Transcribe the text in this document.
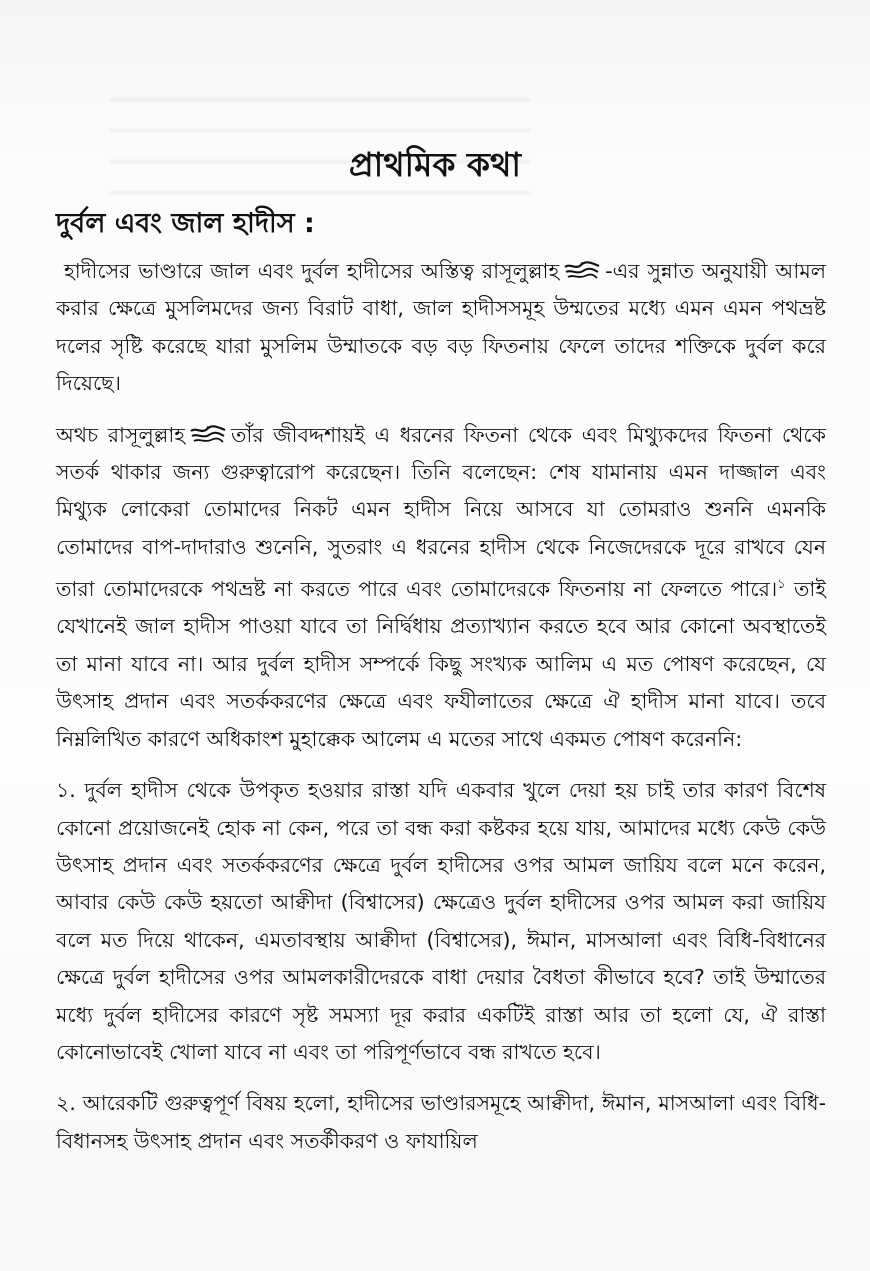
প্রাথমিক কথা
দুর্বল এবং জাল হাদীস :

হাদীসের ভাণ্ডারে জাল এবং দুর্বল হাদীসের অস্তিত্ব রাসূলুল্লাহ -এর সুন্নাত অনুযায়ী আমল করার ক্ষেত্রে মুসলিমদের জন্য বিরাট বাধা, জাল হাদীসসমূহ উম্মতের মধ্যে এমন এমন পথভ্রষ্ট দলের সৃষ্টি করেছে যারা মুসলিম উম্মাতকে বড় বড় ফিতনায় ফেলে তাদের শক্তিকে দুর্বল করে দিয়েছে।

অথচ রাসূলুল্লাহ তাঁর জীবদ্দশায়ই এ ধরনের ফিতনা থেকে এবং মিথ্যুকদের ফিতনা থেকে সতর্ক থাকার জন্য গুরুত্বারোপ করেছেন। তিনি বলেছেন: শেষ যামানায় এমন দাজ্জাল এবং মিথ্যুক লোকেরা তোমাদের নিকট এমন হাদীস নিয়ে আসবে যা তোমরাও শুননি এমনকি তোমাদের বাপ-দাদারাও শুনেনি, সুতরাং এ ধরনের হাদীস থেকে নিজেদেরকে দূরে রাখবে যেন তারা তোমাদেরকে পথভ্রষ্ট না করতে পারে এবং তোমাদেরকে ফিতনায় না ফেলতে পারে।$^১$ তাই যেখানেই জাল হাদীস পাওয়া যাবে তা নির্দ্বিধায় প্রত্যাখ্যান করতে হবে আর কোনো অবস্থাতেই তা মানা যাবে না। আর দুর্বল হাদীস সম্পর্কে কিছু সংখ্যক আলিম এ মত পোষণ করেছেন, যে উৎসাহ প্রদান এবং সতর্ককরণের ক্ষেত্রে এবং ফযীলাতের ক্ষেত্রে ঐ হাদীস মানা যাবে। তবে নিম্নলিখিত কারণে অধিকাংশ মুহাক্কেক আলেম এ মতের সাথে একমত পোষণ করেননি:

১. দুর্বল হাদীস থেকে উপকৃত হওয়ার রাস্তা যদি একবার খুলে দেয়া হয় চাই তার কারণ বিশেষ কোনো প্রয়োজনেই হোক না কেন, পরে তা বন্ধ করা কষ্টকর হয়ে যায়, আমাদের মধ্যে কেউ কেউ উৎসাহ প্রদান এবং সতর্ককরণের ক্ষেত্রে দুর্বল হাদীসের ওপর আমল জায়িয বলে মনে করেন, আবার কেউ কেউ হয়তো আক্বীদা (বিশ্বাসের) ক্ষেত্রেও দুর্বল হাদীসের ওপর আমল করা জায়িয বলে মত দিয়ে থাকেন, এমতাবস্থায় আক্বীদা (বিশ্বাসের), ঈমান, মাসআলা এবং বিধি-বিধানের ক্ষেত্রে দুর্বল হাদীসের ওপর আমলকারীদেরকে বাধা দেয়ার বৈধতা কীভাবে হবে? তাই উম্মাতের মধ্যে দুর্বল হাদীসের কারণে সৃষ্ট সমস্যা দূর করার একটিই রাস্তা আর তা হলো যে, ঐ রাস্তা কোনোভাবেই খোলা যাবে না এবং তা পরিপূর্ণভাবে বন্ধ রাখতে হবে।

২. আরেকটি গুরুত্বপূর্ণ বিষয় হলো, হাদীসের ভাণ্ডারসমূহে আক্বীদা, ঈমান, মাসআলা এবং বিধি-বিধানসহ উৎসাহ প্রদান এবং সতর্কীকরণ ও ফাযায়িল
